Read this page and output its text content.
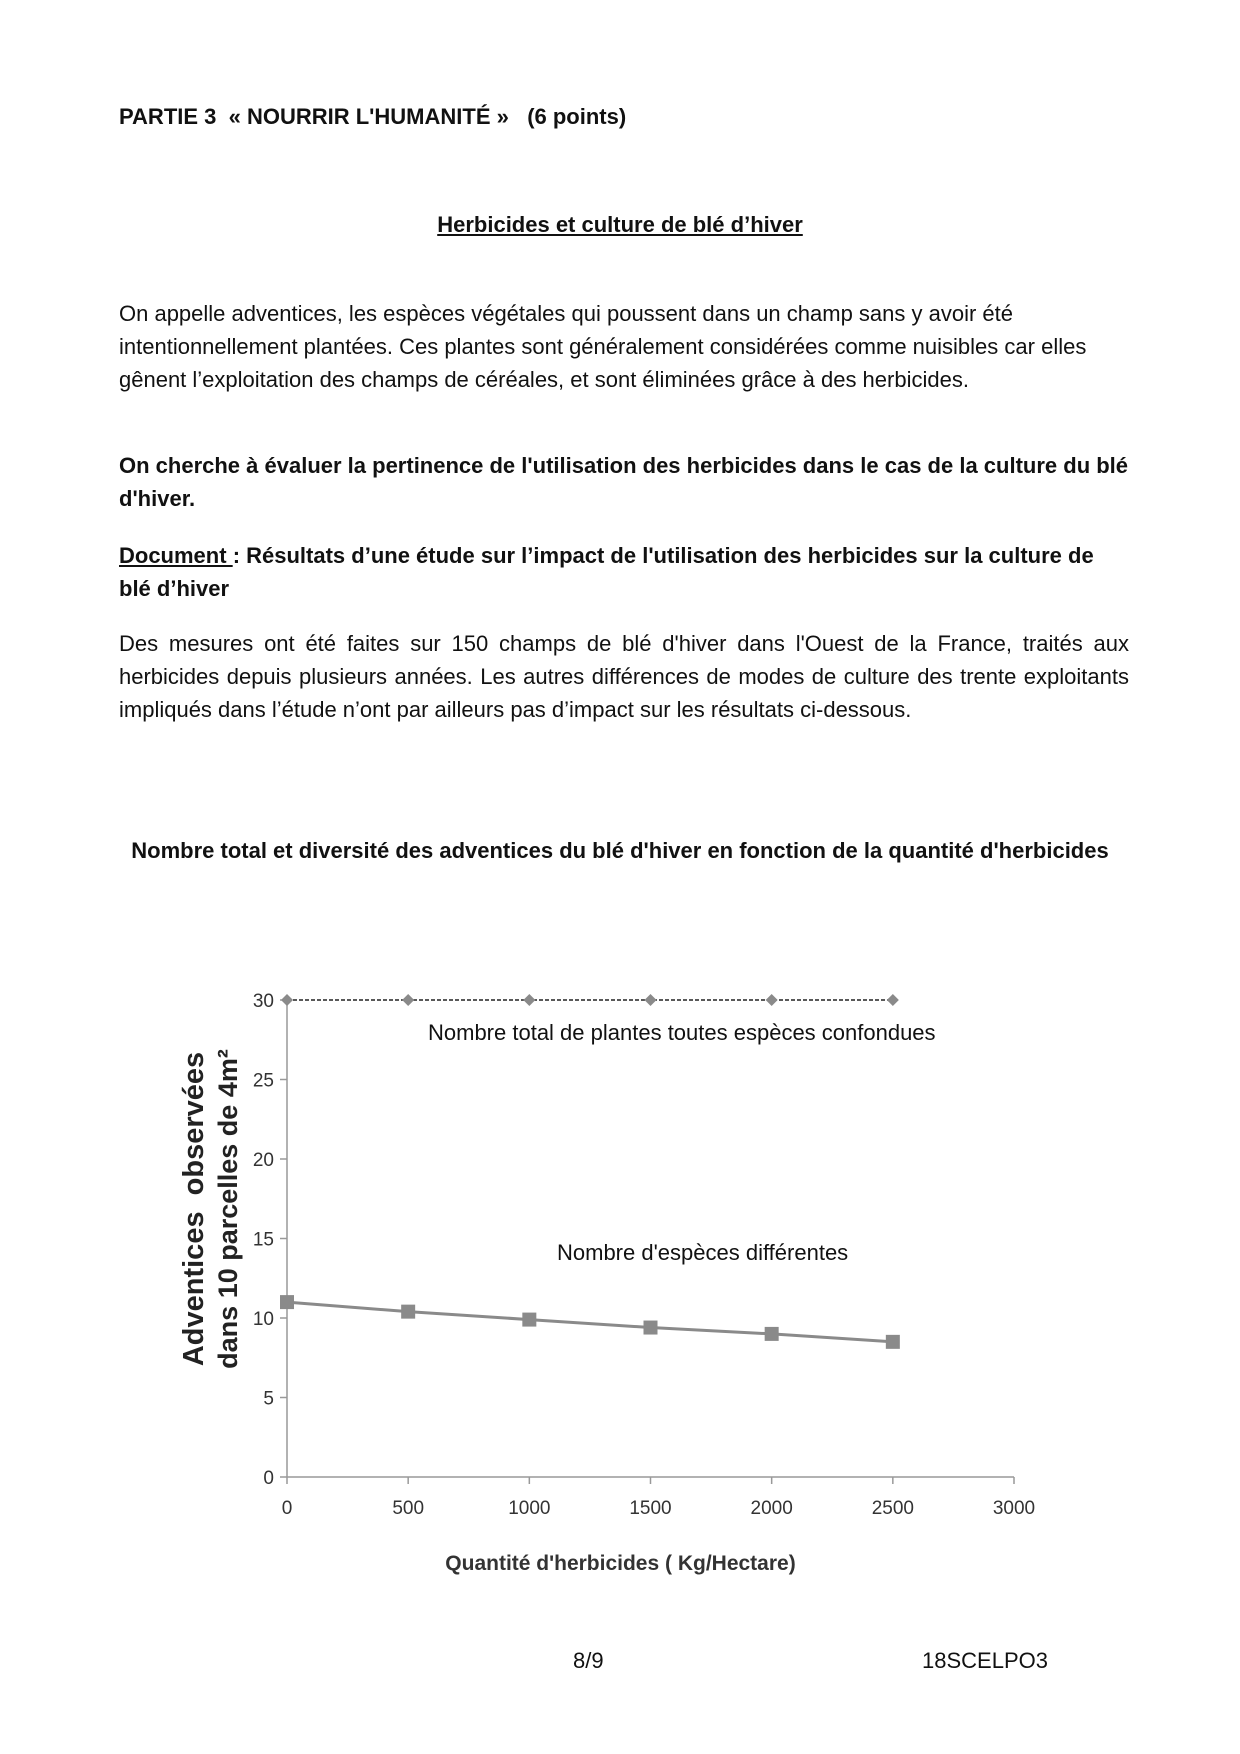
PARTIE 3  « NOURRIR L'HUMANITÉ »   (6 points)
Herbicides et culture de blé d’hiver
On appelle adventices, les espèces végétales qui poussent dans un champ sans y avoir été intentionnellement plantées. Ces plantes sont généralement considérées comme nuisibles car elles gênent l’exploitation des champs de céréales, et sont éliminées grâce à des herbicides.
On cherche à évaluer la pertinence de l'utilisation des herbicides dans le cas de la culture du blé d'hiver.
Document : Résultats d’une étude sur l’impact de l'utilisation des herbicides sur la culture de blé d’hiver
Des mesures ont été faites sur 150 champs de blé d'hiver dans l'Ouest de la France, traités aux herbicides depuis plusieurs années. Les autres différences de modes de culture des trente exploitants impliqués dans l’étude n’ont par ailleurs pas d’impact sur les résultats ci-dessous.
Nombre total et diversité des adventices du blé d'hiver en fonction de la quantité d'herbicides
0
5
10
15
20
25
30
0	500	1000	1500	2000	2500	3000
Quantité d'herbicides ( Kg/Hectare)
Adventices  observées dans 10 parcelles de 4m²
Nombre total de plantes toutes espèces confondues
Nombre d'espèces différentes
8/9	18SCELPO3
